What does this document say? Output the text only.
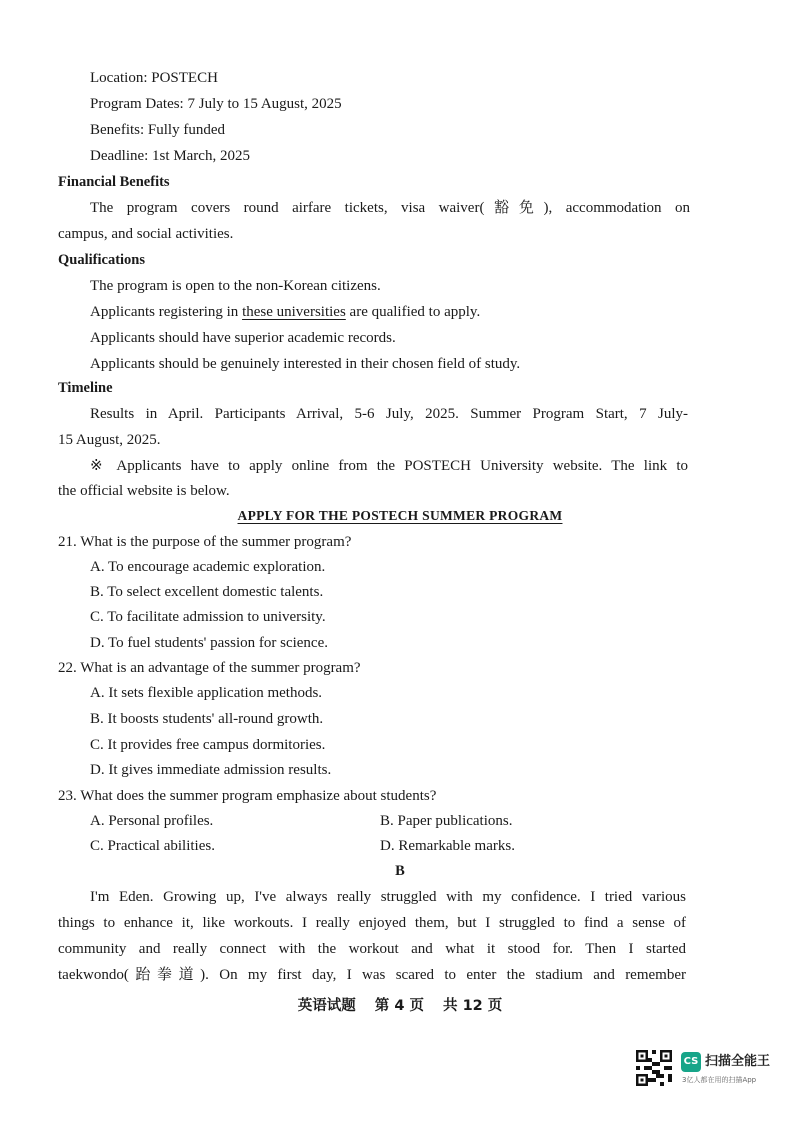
Location: POSTECH
Program Dates: 7 July to 15 August, 2025
Benefits: Fully funded
Deadline: 1st March, 2025
Financial Benefits
The program covers round airfare tickets, visa waiver(豁免), accommodation on
campus, and social activities.
Qualifications
The program is open to the non-Korean citizens.
Applicants registering in these universities are qualified to apply.
Applicants should have superior academic records.
Applicants should be genuinely interested in their chosen field of study.
Timeline
Results in April. Participants Arrival, 5-6 July, 2025. Summer Program Start, 7 July-
15 August, 2025.
※ Applicants have to apply online from the POSTECH University website. The link to
the official website is below.
APPLY FOR THE POSTECH SUMMER PROGRAM
21. What is the purpose of the summer program?
A. To encourage academic exploration.
B. To select excellent domestic talents.
C. To facilitate admission to university.
D. To fuel students' passion for science.
22. What is an advantage of the summer program?
A. It sets flexible application methods.
B. It boosts students' all-round growth.
C. It provides free campus dormitories.
D. It gives immediate admission results.
23. What does the summer program emphasize about students?
A. Personal profiles.	B. Paper publications.
C. Practical abilities.	D. Remarkable marks.
B
I'm Eden. Growing up, I've always really struggled with my confidence. I tried various
things to enhance it, like workouts. I really enjoyed them, but I struggled to find a sense of
community and really connect with the workout and what it stood for. Then I started
taekwondo(跆拳道). On my first day, I was scared to enter the stadium and remember
英语试题 第 4 页 共 12 页
CS 扫描全能王
3亿人都在用的扫描App
